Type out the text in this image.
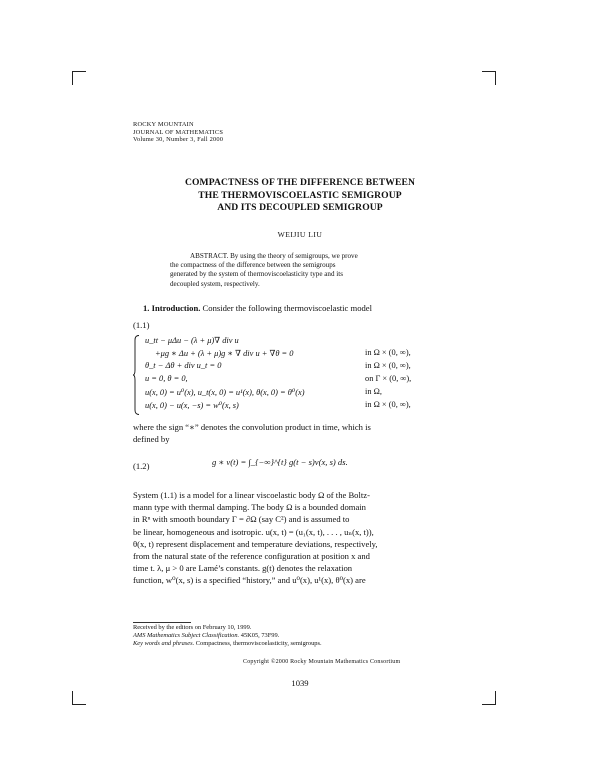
ROCKY MOUNTAIN
JOURNAL OF MATHEMATICS
Volume 30, Number 3, Fall 2000
COMPACTNESS OF THE DIFFERENCE BETWEEN
THE THERMOVISCOELASTIC SEMIGROUP
AND ITS DECOUPLED SEMIGROUP
WEIJIU LIU
ABSTRACT. By using the theory of semigroups, we prove
the compactness of the difference between the semigroups
generated by the system of thermoviscoelasticity type and its
decoupled system, respectively.
1. Introduction. Consider the following thermoviscoelastic model
(1.1)
u_tt − μΔu − (λ + μ)∇ div u
+μg ∗ Δu + (λ + μ)g ∗ ∇ div u + ∇θ = 0
θ_t − Δθ + div u_t = 0
u = 0, θ = 0,
u(x, 0) = u⁰(x), u_t(x, 0) = u¹(x), θ(x, 0) = θ⁰(x)
u(x, 0) − u(x, −s) = w⁰(x, s)
in Ω × (0, ∞),
in Ω × (0, ∞),
on Γ × (0, ∞),
in Ω,
in Ω × (0, ∞),
where the sign “∗” denotes the convolution product in time, which is
defined by
(1.2)	g ∗ v(t) = ∫_{−∞}^{t} g(t − s)v(x, s) ds.
System (1.1) is a model for a linear viscoelastic body Ω of the Boltz-
mann type with thermal damping. The body Ω is a bounded domain
in Rⁿ with smooth boundary Γ = ∂Ω (say C²) and is assumed to
be linear, homogeneous and isotropic. u(x, t) = (u₁(x, t), . . . , uₙ(x, t)),
θ(x, t) represent displacement and temperature deviations, respectively,
from the natural state of the reference configuration at position x and
time t. λ, μ > 0 are Lamé’s constants. g(t) denotes the relaxation
function, w⁰(x, s) is a specified “history,” and u⁰(x), u¹(x), θ⁰(x) are
Received by the editors on February 10, 1999.
AMS Mathematics Subject Classification. 45K05, 73F99.
Key words and phrases. Compactness, thermoviscoelasticity, semigroups.
Copyright ©2000 Rocky Mountain Mathematics Consortium
1039
